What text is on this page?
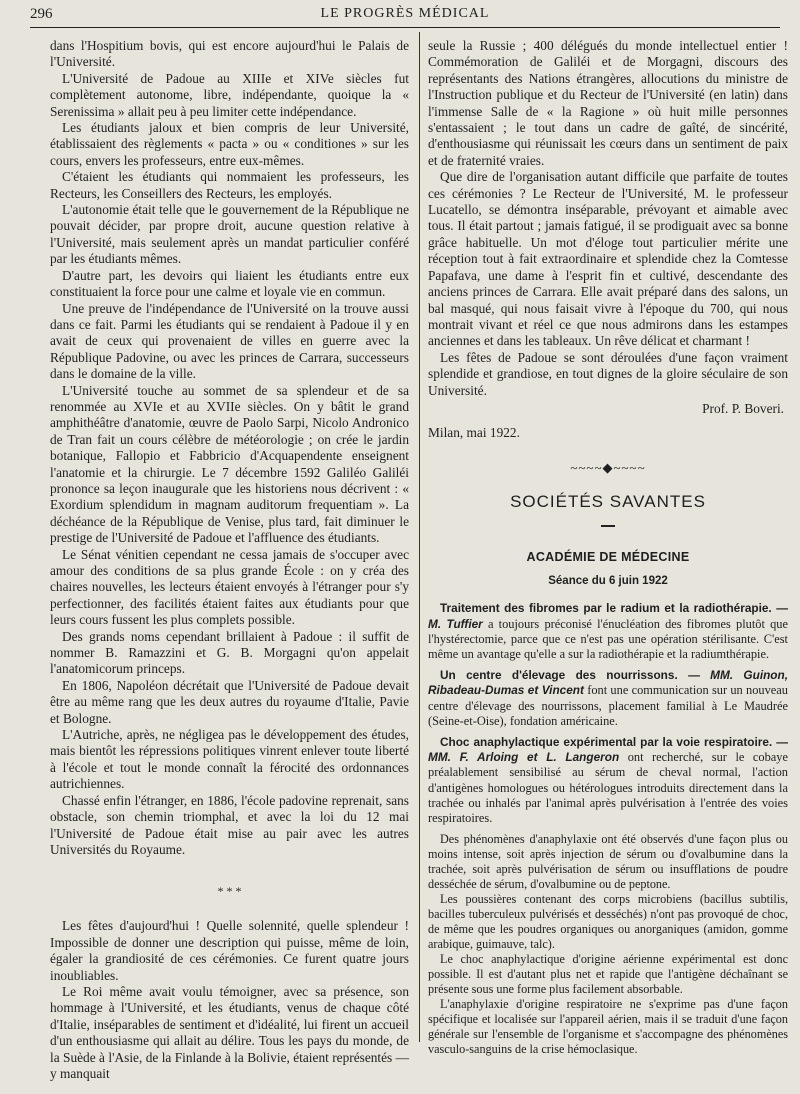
296	LE PROGRÈS MÉDICAL

dans l'Hospitium bovis, qui est encore aujourd'hui le Palais de l'Université.

L'Université de Padoue au XIIIe et XIVe siècles fut complètement autonome, libre, indépendante, quoique la « Serenissima » allait peu à peu limiter cette indépendance.

Les étudiants jaloux et bien compris de leur Université, établissaient des règlements « pacta » ou « conditiones » sur les cours, envers les professeurs, entre eux-mêmes.

C'étaient les étudiants qui nommaient les professeurs, les Recteurs, les Conseillers des Recteurs, les employés.

L'autonomie était telle que le gouvernement de la République ne pouvait décider, par propre droit, aucune question relative à l'Université, mais seulement après un mandat particulier conféré par les étudiants mêmes.

D'autre part, les devoirs qui liaient les étudiants entre eux constituaient la force pour une calme et loyale vie en commun.

Une preuve de l'indépendance de l'Université on la trouve aussi dans ce fait. Parmi les étudiants qui se rendaient à Padoue il y en avait de ceux qui provenaient de villes en guerre avec la République Padovine, ou avec les princes de Carrara, successeurs dans le domaine de la ville.

L'Université touche au sommet de sa splendeur et de sa renommée au XVIe et au XVIIe siècles. On y bâtit le grand amphithéâtre d'anatomie, œuvre de Paolo Sarpi, Nicolo Andronico de Tran fait un cours célèbre de météorologie ; on crée le jardin botanique, Fallopio et Fabbricio d'Acquapendente enseignent l'anatomie et la chirurgie. Le 7 décembre 1592 Galiléo Galiléi prononce sa leçon inaugurale que les historiens nous décrivent : « Exordium splendidum in magnam auditorum frequentiam ». La déchéance de la République de Venise, plus tard, fait diminuer le prestige de l'Université de Padoue et l'affluence des étudiants.

Le Sénat vénitien cependant ne cessa jamais de s'occuper avec amour des conditions de sa plus grande École : on y créa des chaires nouvelles, les lecteurs étaient envoyés à l'étranger pour s'y perfectionner, des facilités étaient faites aux étudiants pour que leurs cours fussent les plus complets possible.

Des grands noms cependant brillaient à Padoue : il suffit de nommer B. Ramazzini et G. B. Morgagni qu'on appelait l'anatomicorum princeps.

En 1806, Napoléon décrétait que l'Université de Padoue devait être au même rang que les deux autres du royaume d'Italie, Pavie et Bologne.

L'Autriche, après, ne négligea pas le développement des études, mais bientôt les répressions politiques vinrent enlever toute liberté à l'école et tout le monde connaît la férocité des ordonnances autrichiennes.

Chassé enfin l'étranger, en 1886, l'école padovine reprenait, sans obstacle, son chemin triomphal, et avec la loi du 12 mai l'Université de Padoue était mise au pair avec les autres Universités du Royaume.

* * *

Les fêtes d'aujourd'hui ! Quelle solennité, quelle splendeur ! Impossible de donner une description qui puisse, même de loin, égaler la grandiosité de ces cérémonies. Ce furent quatre jours inoubliables.

Le Roi même avait voulu témoigner, avec sa présence, son hommage à l'Université, et les étudiants, venus de chaque côté d'Italie, inséparables de sentiment et d'idéalité, lui firent un accueil d'un enthousiasme qui allait au délire. Tous les pays du monde, de la Suède à l'Asie, de la Finlande à la Bolivie, étaient représentés — y manquait

seule la Russie ; 400 délégués du monde intellectuel entier ! Commémoration de Galiléi et de Morgagni, discours des représentants des Nations étrangères, allocutions du ministre de l'Instruction publique et du Recteur de l'Université (en latin) dans l'immense Salle de « la Ragione » où huit mille personnes s'entassaient ; le tout dans un cadre de gaîté, de sincérité, d'enthousiasme qui réunissait les cœurs dans un sentiment de paix et de fraternité vraies.

Que dire de l'organisation autant difficile que parfaite de toutes ces cérémonies ? Le Recteur de l'Université, M. le professeur Lucatello, se démontra inséparable, prévoyant et aimable avec tous. Il était partout ; jamais fatigué, il se prodiguait avec sa bonne grâce habituelle. Un mot d'éloge tout particulier mérite une réception tout à fait extraordinaire et splendide chez la Comtesse Papafava, une dame à l'esprit fin et cultivé, descendante des anciens princes de Carrara. Elle avait préparé dans des salons, un bal masqué, qui nous faisait vivre à l'époque du 700, qui nous montrait vivant et réel ce que nous admirons dans les estampes anciennes et dans les tableaux. Un rêve délicat et charmant !

Les fêtes de Padoue se sont déroulées d'une façon vraiment splendide et grandiose, en tout dignes de la gloire séculaire de son Université.

Prof. P. Boveri.

Milan, mai 1922.

~~~~◆~~~~
SOCIÉTÉS SAVANTES
ACADÉMIE DE MÉDECINE
Séance du 6 juin 1922

Traitement des fibromes par le radium et la radiothérapie. — M. Tuffier a toujours préconisé l'énucléation des fibromes plutôt que l'hystérectomie, parce que ce n'est pas une opération stérilisante. C'est même un avantage qu'elle a sur la radiothérapie et la radiumthérapie.

Un centre d'élevage des nourrissons. — MM. Guinon, Ribadeau-Dumas et Vincent font une communication sur un nouveau centre d'élevage des nourrissons, placement familial à Le Maudrée (Seine-et-Oise), fondation américaine.

Choc anaphylactique expérimental par la voie respiratoire. — MM. F. Arloing et L. Langeron ont recherché, sur le cobaye préalablement sensibilisé au sérum de cheval normal, l'action d'antigènes homologues ou hétérologues introduits directement dans la trachée ou inhalés par l'animal après pulvérisation à l'entrée des voies respiratoires.

Des phénomènes d'anaphylaxie ont été observés d'une façon plus ou moins intense, soit après injection de sérum ou d'ovalbumine dans la trachée, soit après pulvérisation de sérum ou insufflations de poudre desséchée de sérum, d'ovalbumine ou de peptone.

Les poussières contenant des corps microbiens (bacillus subtilis, bacilles tuberculeux pulvérisés et desséchés) n'ont pas provoqué de choc, de même que les poudres organiques ou anorganiques (amidon, gomme arabique, guimauve, talc).

Le choc anaphylactique d'origine aérienne expérimental est donc possible. Il est d'autant plus net et rapide que l'antigène déchaînant se présente sous une forme plus facilement absorbable.

L'anaphylaxie d'origine respiratoire ne s'exprime pas d'une façon spécifique et localisée sur l'appareil aérien, mais il se traduit d'une façon générale sur l'ensemble de l'organisme et s'accompagne des phénomènes vasculo-sanguins de la crise hémoclasique.
